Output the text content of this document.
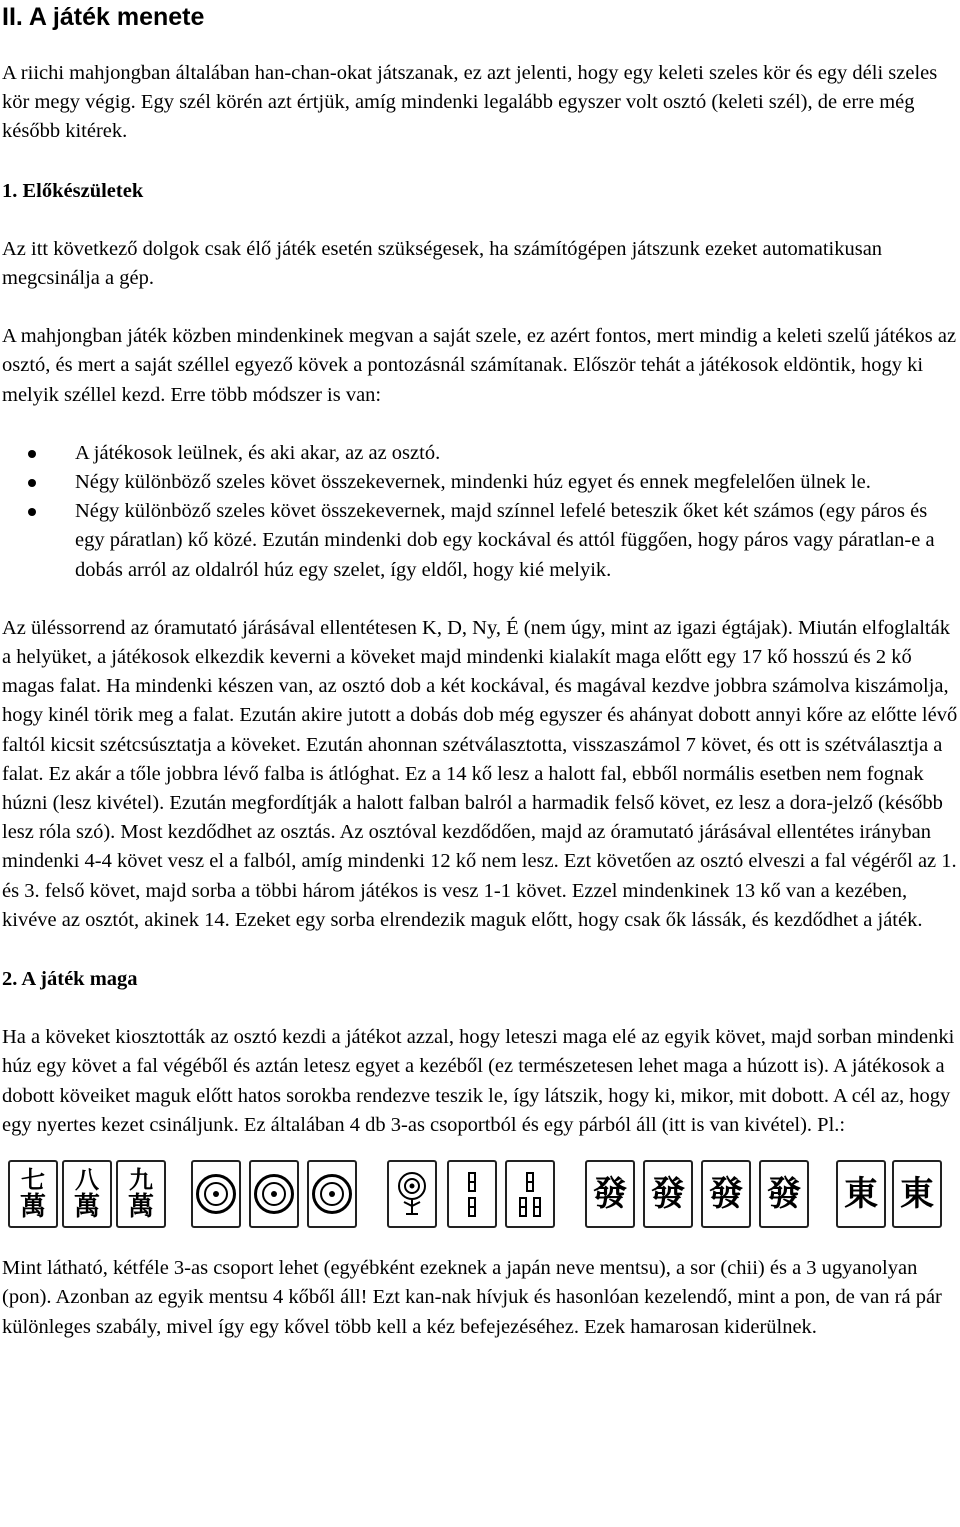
II. A játék menete

A riichi mahjongban általában han-chan-okat játszanak, ez azt jelenti, hogy egy keleti szeles kör és egy déli szeles kör megy végig. Egy szél körén azt értjük, amíg mindenki legalább egyszer volt osztó (keleti szél), de erre még később kitérek.

1. Előkészületek

Az itt következő dolgok csak élő játék esetén szükségesek, ha számítógépen játszunk ezeket automatikusan megcsinálja a gép.

A mahjongban játék közben mindenkinek megvan a saját szele, ez azért fontos, mert mindig a keleti szelű játékos az osztó, és mert a saját széllel egyező kövek a pontozásnál számítanak. Először tehát a játékosok eldöntik, hogy ki melyik széllel kezd. Erre több módszer is van:

A játékosok leülnek, és aki akar, az az osztó.
Négy különböző szeles követ összekevernek, mindenki húz egyet és ennek megfelelően ülnek le.
Négy különböző szeles követ összekevernek, majd színnel lefelé beteszik őket két számos (egy páros és egy páratlan) kő közé. Ezután mindenki dob egy kockával és attól függően, hogy páros vagy páratlan-e a dobás arról az oldalról húz egy szelet, így eldől, hogy kié melyik.

Az üléssorrend az óramutató járásával ellentétesen K, D, Ny, É (nem úgy, mint az igazi égtájak). Miután elfoglalták a helyüket, a játékosok elkezdik keverni a köveket majd mindenki kialakít maga előtt egy 17 kő hosszú és 2 kő magas falat. Ha mindenki készen van, az osztó dob a két kockával, és magával kezdve jobbra számolva kiszámolja, hogy kinél törik meg a falat. Ezután akire jutott a dobás dob még egyszer és ahányat dobott annyi kőre az előtte lévő faltól kicsit szétcsúsztatja a köveket. Ezután ahonnan szétválasztotta, visszaszámol 7 követ, és ott is szétválasztja a falat. Ez akár a tőle jobbra lévő falba is átlóghat. Ez a 14 kő lesz a halott fal, ebből normális esetben nem fognak húzni (lesz kivétel). Ezután megfordítják a halott falban balról a harmadik felső követ, ez lesz a dora-jelző (később lesz róla szó). Most kezdődhet az osztás. Az osztóval kezdődően, majd az óramutató járásával ellentétes irányban mindenki 4-4 követ vesz el a falból, amíg mindenki 12 kő nem lesz. Ezt követően az osztó elveszi a fal végéről az 1. és 3. felső követ, majd sorba a többi három játékos is vesz 1-1 követ. Ezzel mindenkinek 13 kő van a kezében, kivéve az osztót, akinek 14. Ezeket egy sorba elrendezik maguk előtt, hogy csak ők lássák, és kezdődhet a játék.

2. A játék maga

Ha a köveket kiosztották az osztó kezdi a játékot azzal, hogy leteszi maga elé az egyik követ, majd sorban mindenki húz egy követ a fal végéből és aztán letesz egyet a kezéből (ez természetesen lehet maga a húzott is). A játékosok a dobott köveiket maguk előtt hatos sorokba rendezve teszik le, így látszik, hogy ki, mikor, mit dobott. A cél az, hogy egy nyertes kezet csináljunk. Ez általában 4 db 3-as csoportból és egy párból áll (itt is van kivétel). Pl.:

七
萬
八
萬
九
萬	發 發 發 發 東 東

Mint látható, kétféle 3-as csoport lehet (egyébként ezeknek a japán neve mentsu), a sor (chii) és a 3 ugyanolyan (pon). Azonban az egyik mentsu 4 kőből áll! Ezt kan-nak hívjuk és hasonlóan kezelendő, mint a pon, de van rá pár különleges szabály, mivel így egy kővel több kell a kéz befejezéséhez. Ezek hamarosan kiderülnek.
